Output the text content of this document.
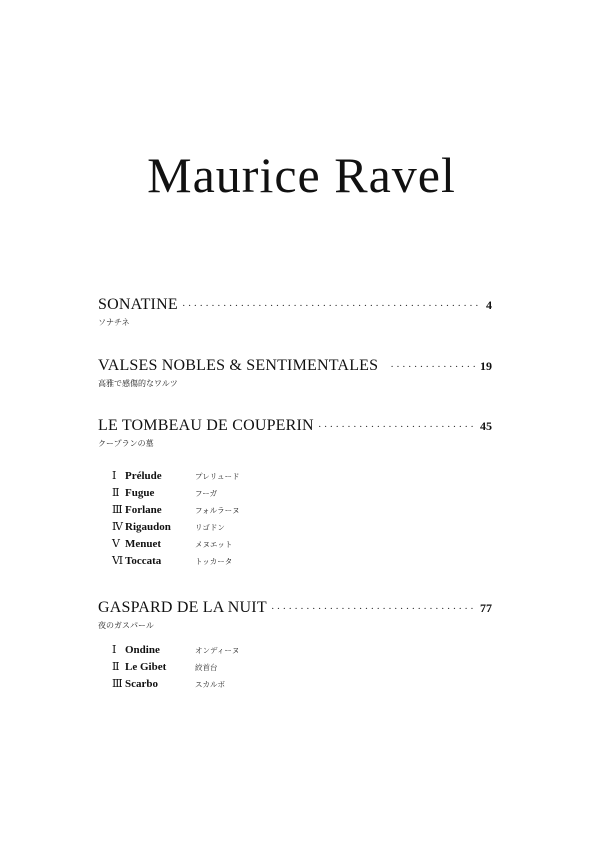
Maurice Ravel
SONATINE ·····	4
ソナチネ
VALSES NOBLES & SENTIMENTALES ·····	19
高雅で感傷的なワルツ
LE TOMBEAU DE COUPERIN ·····	45
クープランの墓
Ⅰ Prélude	プレリュード
Ⅱ Fugue	フーガ
Ⅲ Forlane	フォルラーヌ
Ⅳ Rigaudon	リゴドン
Ⅴ Menuet	メヌエット
Ⅵ Toccata	トッカータ
GASPARD DE LA NUIT ·····	77
夜のガスパール
Ⅰ Ondine	オンディーヌ
Ⅱ Le Gibet	絞首台
Ⅲ Scarbo	スカルボ
